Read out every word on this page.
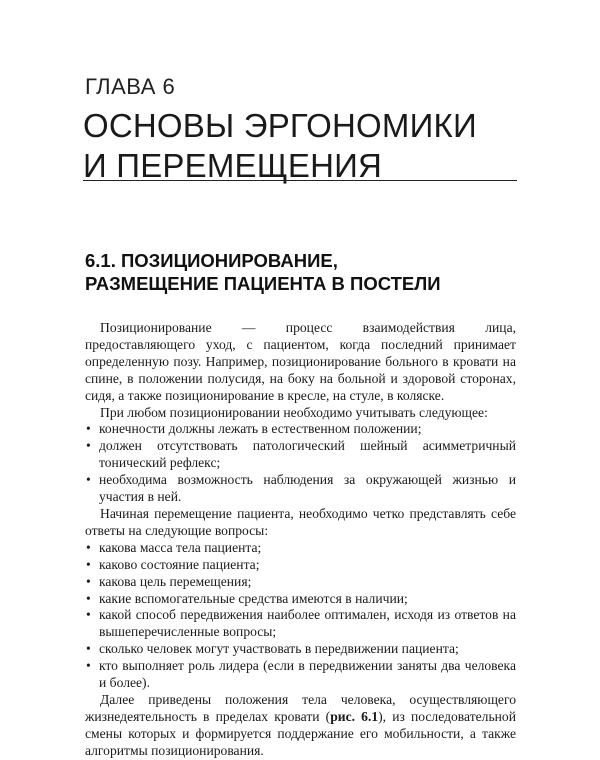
ГЛАВА 6
ОСНОВЫ ЭРГОНОМИКИ
И ПЕРЕМЕЩЕНИЯ
6.1. ПОЗИЦИОНИРОВАНИЕ,
РАЗМЕЩЕНИЕ ПАЦИЕНТА В ПОСТЕЛИ

Позиционирование — процесс взаимодействия лица, предоставляющего уход, с пациентом, когда последний принимает определенную позу. Например, позиционирование больного в кровати на спине, в положении полусидя, на боку на больной и здоровой сторонах, сидя, а также позиционирование в кресле, на стуле, в коляске.

При любом позиционировании необходимо учитывать следующее:

• конечности должны лежать в естественном положении;
• должен отсутствовать патологический шейный асимметричный тонический рефлекс;
• необходима возможность наблюдения за окружающей жизнью и участия в ней.

Начиная перемещение пациента, необходимо четко представлять себе ответы на следующие вопросы:

• какова масса тела пациента;
• каково состояние пациента;
• какова цель перемещения;
• какие вспомогательные средства имеются в наличии;
• какой способ передвижения наиболее оптимален, исходя из ответов на вышеперечисленные вопросы;
• сколько человек могут участвовать в передвижении пациента;
• кто выполняет роль лидера (если в передвижении заняты два человека и более).

Далее приведены положения тела человека, осуществляющего жизнедеятельность в пределах кровати (рис. 6.1), из последовательной смены которых и формируется поддержание его мобильности, а также алгоритмы позиционирования.
